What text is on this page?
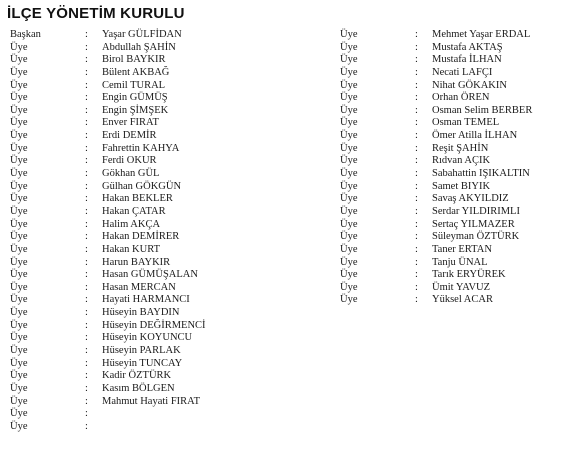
İLÇE YÖNETİM KURULU
Başkan	:	Yaşar GÜLFİDAN
Üye	:	Abdullah ŞAHİN
Üye	:	Birol BAYKIR
Üye	:	Bülent AKBAĞ
Üye	:	Cemil TURAL
Üye	:	Engin GÜMÜŞ
Üye	:	Engin ŞİMŞEK
Üye	:	Enver FIRAT
Üye	:	Erdi DEMİR
Üye	:	Fahrettin KAHYA
Üye	:	Ferdi OKUR
Üye	:	Gökhan GÜL
Üye	:	Gülhan GÖKGÜN
Üye	:	Hakan BEKLER
Üye	:	Hakan ÇATAR
Üye	:	Halim AKÇA
Üye	:	Hakan DEMİRER
Üye	:	Hakan KURT
Üye	:	Harun BAYKIR
Üye	:	Hasan GÜMÜŞALAN
Üye	:	Hasan MERCAN
Üye	:	Hayati HARMANCI
Üye	:	Hüseyin BAYDIN
Üye	:	Hüseyin DEĞİRMENCİ
Üye	:	Hüseyin KOYUNCU
Üye	:	Hüseyin PARLAK
Üye	:	Hüseyin TUNCAY
Üye	:	Kadir ÖZTÜRK
Üye	:	Kasım BÖLGEN
Üye	:	Mahmut Hayati FIRAT
Üye	:
Üye	:
Üye	:	Mehmet Yaşar ERDAL
Üye	:	Mustafa AKTAŞ
Üye	:	Mustafa İLHAN
Üye	:	Necati LAFÇI
Üye	:	Nihat GÖKAKIN
Üye	:	Orhan ÖREN
Üye	:	Osman Selim BERBER
Üye	:	Osman TEMEL
Üye	:	Ömer Atilla İLHAN
Üye	:	Reşit ŞAHİN
Üye	:	Rıdvan AÇIK
Üye	:	Sabahattin IŞIKALTIN
Üye	:	Samet BIYIK
Üye	:	Savaş AKYILDIZ
Üye	:	Serdar YILDIRIMLI
Üye	:	Sertaç YILMAZER
Üye	:	Süleyman ÖZTÜRK
Üye	:	Taner ERTAN
Üye	:	Tanju ÜNAL
Üye	:	Tarık ERYÜREK
Üye	:	Ümit YAVUZ
Üye	:	Yüksel ACAR
